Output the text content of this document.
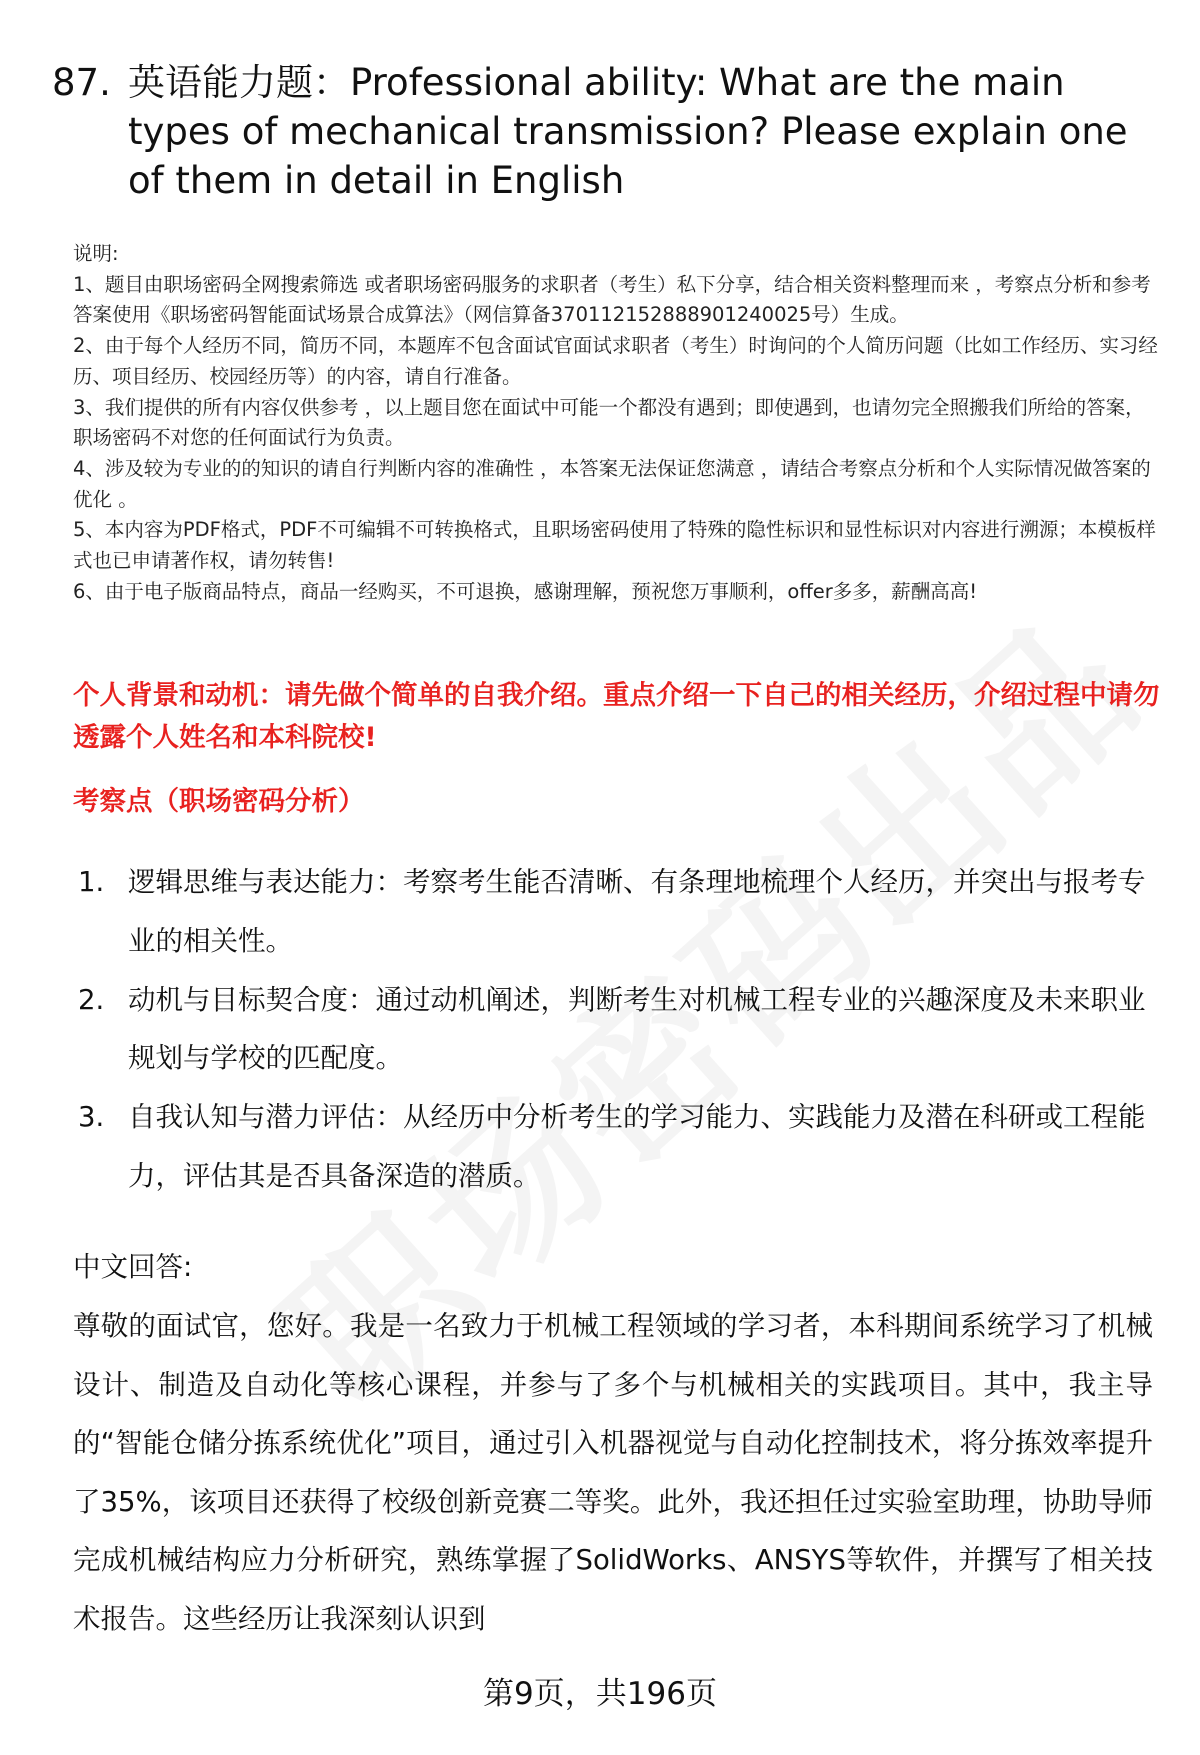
87. 英语能力题：Professional ability: What are the main types of mechanical transmission? Please explain one of them in detail in English

说明:

1、题目由职场密码全网搜索筛选 或者职场密码服务的求职者（考生）私下分享，结合相关资料整理而来 ，考察点分析和参考答案使用《职场密码智能面试场景合成算法》（网信算备370112152888901240025号）生成。

2、由于每个人经历不同，简历不同，本题库不包含面试官面试求职者（考生）时询问的个人简历问题（比如工作经历、实习经历、项目经历、校园经历等）的内容，请自行准备。

3、我们提供的所有内容仅供参考 ，以上题目您在面试中可能一个都没有遇到；即使遇到，也请勿完全照搬我们所给的答案，职场密码不对您的任何面试行为负责。

4、涉及较为专业的的知识的请自行判断内容的准确性 ，本答案无法保证您满意 ，请结合考察点分析和个人实际情况做答案的优化 。

5、本内容为PDF格式，PDF不可编辑不可转换格式，且职场密码使用了特殊的隐性标识和显性标识对内容进行溯源；本模板样式也已申请著作权，请勿转售!

6、由于电子版商品特点，商品一经购买，不可退换，感谢理解，预祝您万事顺利，offer多多，薪酬高高!

个人背景和动机：请先做个简单的自我介绍。重点介绍一下自己的相关经历，介绍过程中请勿透露个人姓名和本科院校!
考察点（职场密码分析）
1. 逻辑思维与表达能力：考察考生能否清晰、有条理地梳理个人经历，并突出与报考专业的相关性。
2. 动机与目标契合度：通过动机阐述，判断考生对机械工程专业的兴趣深度及未来职业规划与学校的匹配度。
3. 自我认知与潜力评估：从经历中分析考生的学习能力、实践能力及潜在科研或工程能力，评估其是否具备深造的潜质。
中文回答:

尊敬的面试官，您好。我是一名致力于机械工程领域的学习者，本科期间系统学习了机械设计、制造及自动化等核心课程，并参与了多个与机械相关的实践项目。其中，我主导的“智能仓储分拣系统优化”项目，通过引入机器视觉与自动化控制技术，将分拣效率提升了35%，该项目还获得了校级创新竞赛二等奖。此外，我还担任过实验室助理，协助导师完成机械结构应力分析研究，熟练掌握了SolidWorks、ANSYS等软件，并撰写了相关技术报告。这些经历让我深刻认识到

第9页，共196页
